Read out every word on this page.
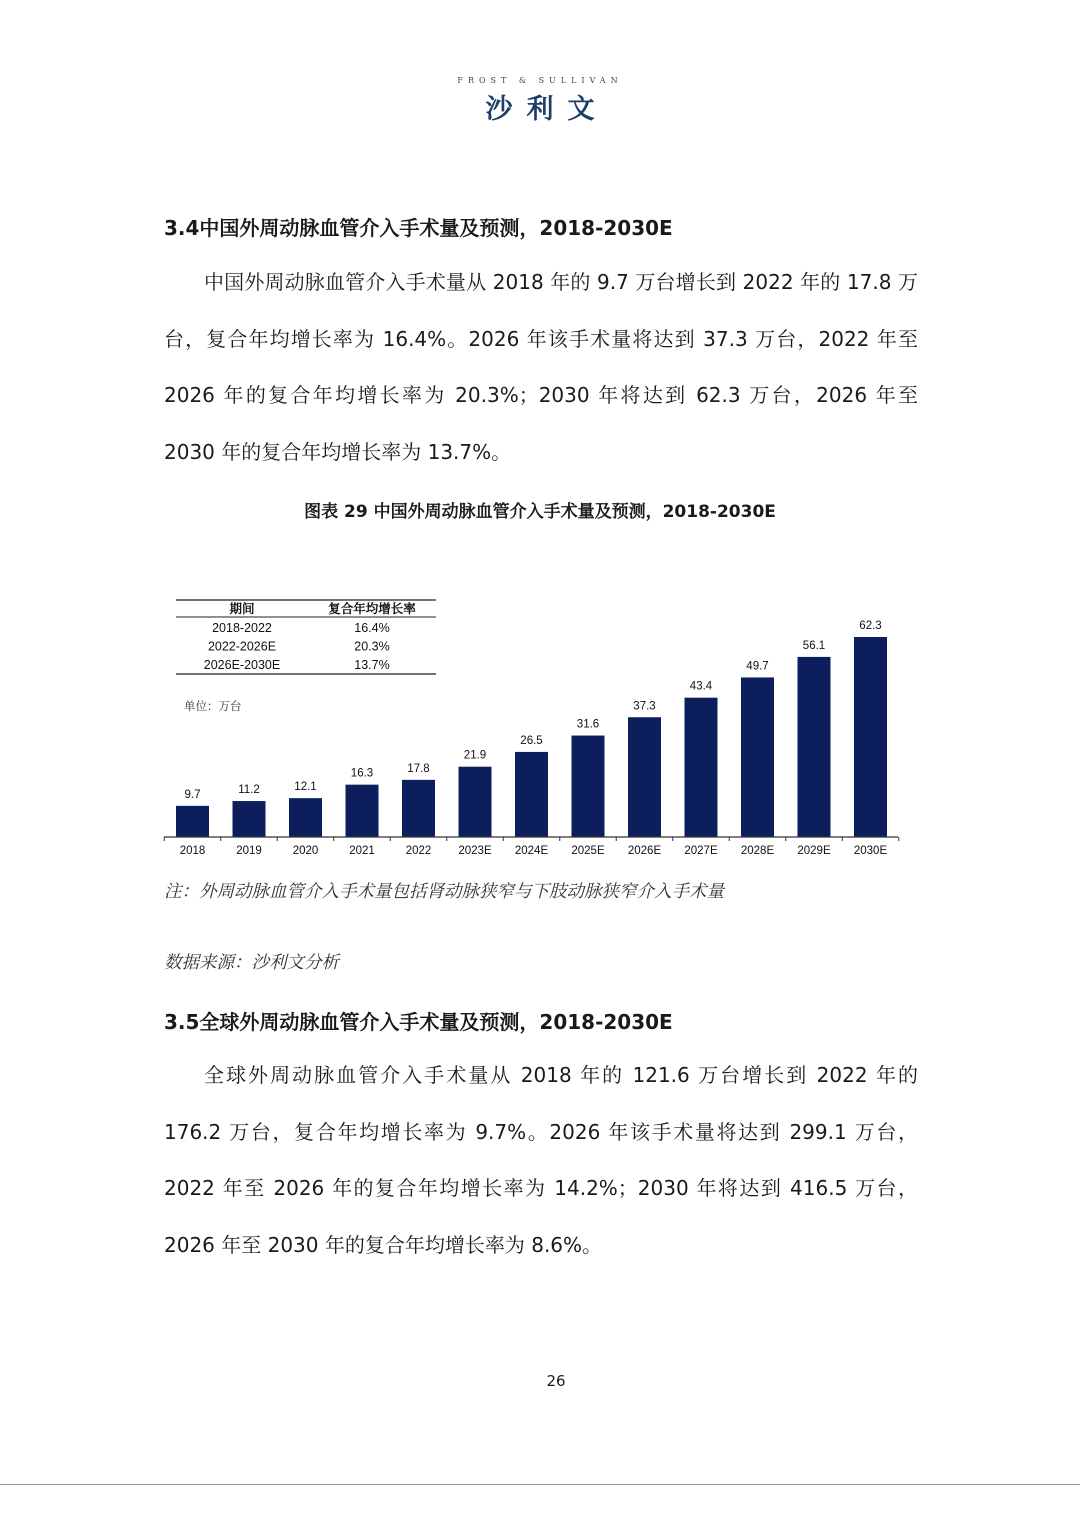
FROST & SULLIVAN
沙利文
3.4中国外周动脉血管介入手术量及预测，2018-2030E

中国外周动脉血管介入手术量从 2018 年的 9.7 万台增长到 2022 年的 17.8 万台，复合年均增长率为 16.4%。2026 年该手术量将达到 37.3 万台，2022 年至 2026 年的复合年均增长率为 20.3%；2030 年将达到 62.3 万台，2026 年至 2030 年的复合年均增长率为 13.7%。

图表 29 中国外周动脉血管介入手术量及预测，2018-2030E

期间	复合年均增长率
2018-2022	16.4%
2022-2026E	20.3%
2026E-2030E	13.7%
单位：万台
9.7
2018
11.2
2019
12.1
2020
16.3
2021
17.8
2022
21.9
2023E
26.5
2024E
31.6
2025E
37.3
2026E
43.4
2027E
49.7
2028E
56.1
2029E
62.3
2030E

注：外周动脉血管介入手术量包括肾动脉狭窄与下肢动脉狭窄介入手术量

数据来源：沙利文分析

3.5全球外周动脉血管介入手术量及预测，2018-2030E

全球外周动脉血管介入手术量从 2018 年的 121.6 万台增长到 2022 年的 176.2 万台，复合年均增长率为 9.7%。2026 年该手术量将达到 299.1 万台，2022 年至 2026 年的复合年均增长率为 14.2%；2030 年将达到 416.5 万台，2026 年至 2030 年的复合年均增长率为 8.6%。

26
